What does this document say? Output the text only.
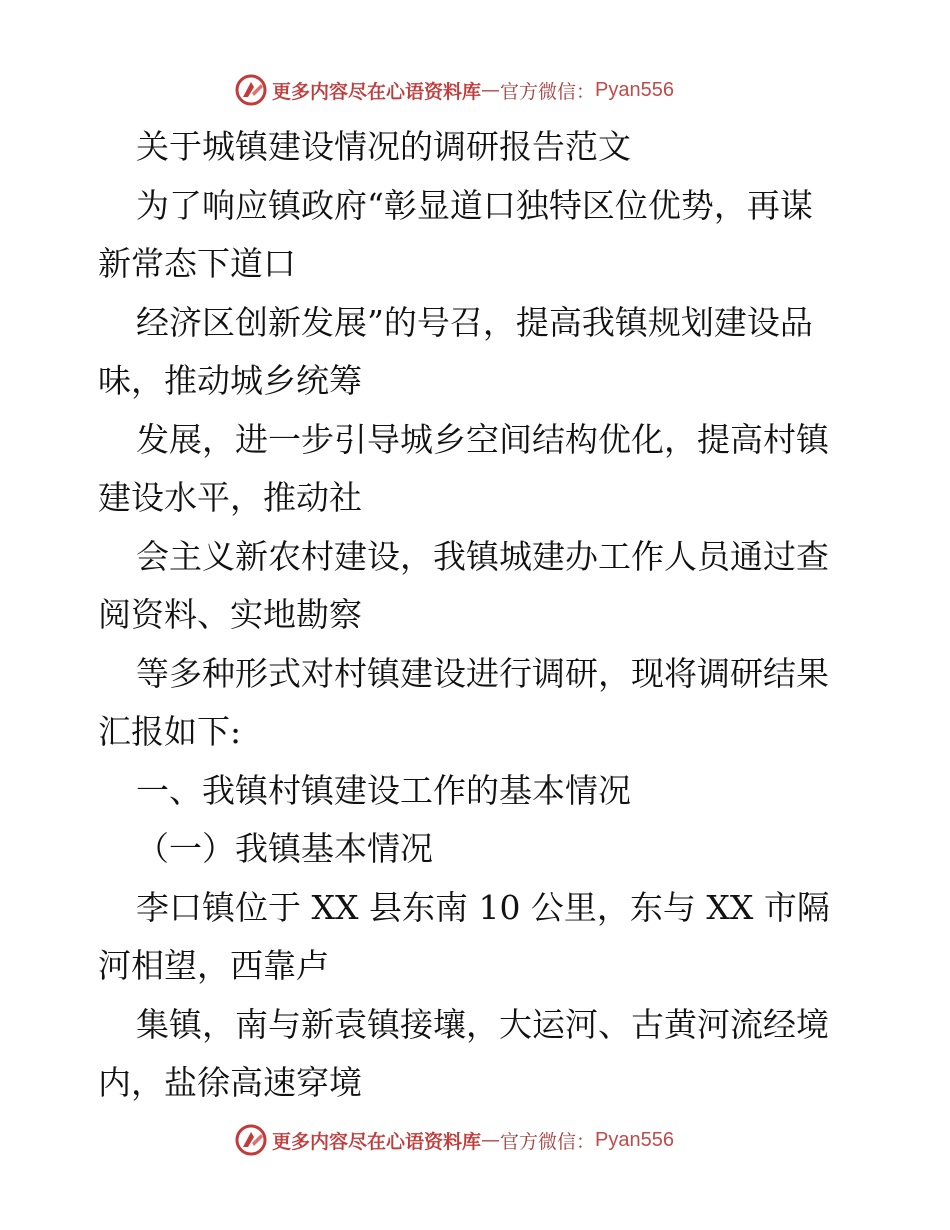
更多内容尽在心语资料库 — 官方微信： Pyan556
关于城镇建设情况的调研报告范文
为了响应镇政府“彰显道口独特区位优势，再谋
新常态下道口
经济区创新发展”的号召，提高我镇规划建设品
味，推动城乡统筹
发展，进一步引导城乡空间结构优化，提高村镇
建设水平，推动社
会主义新农村建设，我镇城建办工作人员通过查
阅资料、实地勘察
等多种形式对村镇建设进行调研，现将调研结果
汇报如下:
一、我镇村镇建设工作的基本情况
（一）我镇基本情况
李口镇位于 XX 县东南 10 公里，东与 XX 市隔
河相望，西靠卢
集镇，南与新袁镇接壤，大运河、古黄河流经境
内，盐徐高速穿境
更多内容尽在心语资料库 — 官方微信： Pyan556
